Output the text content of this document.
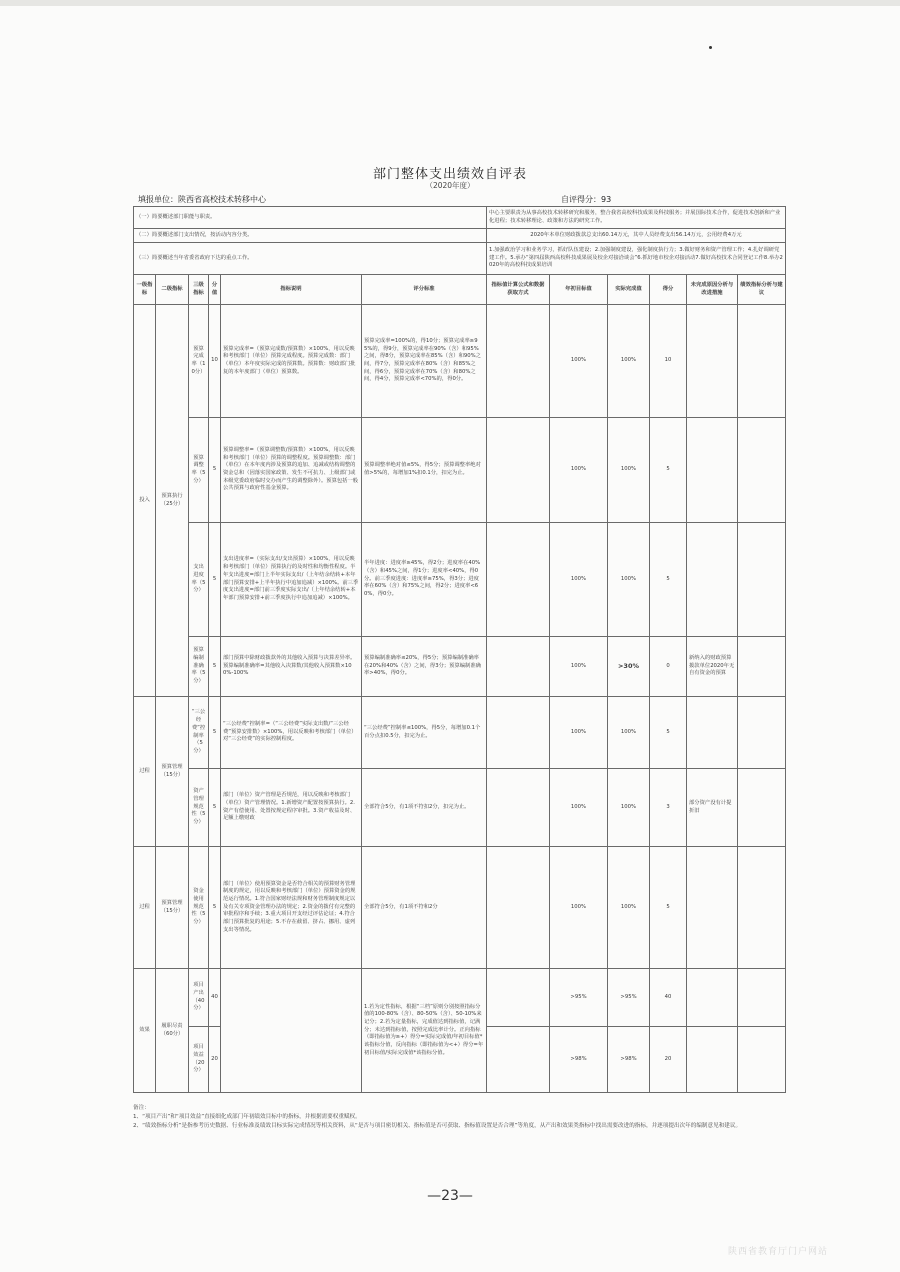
部门整体支出绩效自评表
（2020年度）
填报单位：陕西省高校技术转移中心	自评得分：93
（一）简要概述部门职能与职责。						中心主要职责为从事高校技术转移研究和服务，整合我省高校科技成果及科技服务；并展国际技术合作，促进技术创新和产业化进程；技术转移理论、政策和方法的研究工作。					
（二）简要概述部门支出情况，按活动内容分类。						2020年本单位财政拨款总支出60.14万元，其中人员经费支出56.14万元，公用经费4万元					
（三）简要概述当年省委省政府下达的重点工作。						1.加强政治学习和业务学习，抓好队伍建设；2.加强制度建设，强化制度执行力；3.做好财务和资产管理工作；4.扎好调研党建工作。5.承办“第四届陕西高校科技成果展及校企对接洽谈会”6.抓好地市校企对接活动7.做好高校技术合同登记工作8.举办2020年的高校科技成果培训					
一级指标	二级指标	三级指标	分值	指标说明	评分标准	指标值计算公式和数据获取方式	年初目标值	实际完成值	得分	未完成原因分析与改进措施	绩效指标分析与建议
投入	预算执行（25分）	预算完成率（10分）	10	预算完成率=（预算完成数/预算数）×100%，用以反映和考核部门（单位）预算完成程度。预算完成数：部门（单位）本年度实际完成的预算数。预算数：财政部门批复的本年度部门（单位）预算数。	预算完成率=100%的，得10分；预算完成率≥95%的，得9分，预算完成率在90%（含）和95%之间，得8分，预算完成率在85%（含）和90%之间，得7分，预算完成率在80%（含）和85%之间，得6分，预算完成率在70%（含）和80%之间，得4分，预算完成率<70%的，得0分。		100%	100%	10		
		预算调整率（5分）	5	预算调整率=（预算调整数/预算数）×100%，用以反映和考核部门（单位）预算的调整程度。预算调整数：部门（单位）在本年度内涉及预算的追加、追减或结构调整的资金总和（因落实国家政策、发生不可抗力、上级部门或本级党委政府临时交办而产生的调整除外）。预算包括一般公共预算与政府性基金预算。	预算调整率绝对值≤5%，得5分；预算调整率绝对值>5%的，每增加1%扣0.1分，扣完为止。		100%	100%	5		
		支出进度率（5分）	5	支出进度率=（实际支出/支出预算）×100%，用以反映和考核部门（单位）预算执行的及时性和均衡性程度。半年支出进度=部门上半年实际支出/（上年结余结转+本年部门预算安排+上半年执行中追加追减）×100%。前三季度支出进度=部门前三季度实际支出/（上年结余结转+本年部门预算安排+前三季度执行中追加追减）×100%。	半年进度：进度率≥45%，得2分；进度率在40%（含）和45%之间，得1分；进度率<40%，得0分。前三季度进度：进度率≥75%，得3分；进度率在60%（含）和75%之间，得2分；进度率<60%，得0分。		100%	100%	5		
		预算编制准确率（5分）	5	部门预算中除财政拨款外的其他收入预算与决算差异率。预算编制准确率=其他收入决算数/其他收入预算数×100%-100%	预算编制准确率≤20%，得5分；预算编制准确率在20%和40%（含）之间，得3分；预算编制准确率>40%，得0分。		100%	>30%	0	新纳入的财政预算拨款单位2020年无自有资金的预算	
过程	预算管理（15分）	“三公经费”控制率（5分）	5	“三公经费”控制率=（“三公经费”实际支出数/“三公经费”预算安排数）×100%，用以反映和考核部门（单位）对“三公经费”的实际控制程度。	“三公经费”控制率≤100%，得5分，每增加0.1个百分点扣0.5分，扣完为止。		100%	100%	5		
		资产管理规范性（5分）	5	部门（单位）资产管理是否规范，用以反映和考核部门（单位）资产管理情况。1.新增资产配置按预算执行。2.资产有偿使用、处置按规定程序审批。3.资产收益及时、足额上缴财政	全部符合5分，有1项不符扣2分，扣完为止。		100%	100%	3	部分资产没有计提折旧	
过程	预算管理（15分）	资金使用规范性（5分）	5	部门（单位）使用预算资金是否符合相关的预算财务管理制度的规定，用以反映和考核部门（单位）预算资金的规范运行情况。1.符合国家财经法规和财务管理制度规定以及有关专项资金管理办法的规定；2.资金的拨付有完整的审批程序和手续；3.重大项目开支经过评估论证；4.符合部门预算批复的用途；5.不存在截留、挤占、挪用、虚列支出等情况。	全部符合5分，有1项不符和2分		100%	100%	5		
效果	履职尽责（60分）	项目产出（40分）	40		1.若为定性指标，根据“三档”原则分别按照指标分值的100-80%（含）、80-50%（含）、50-10%来记分；2.若为定量指标，完成值达到指标值，记满分；未达到指标值，按照完成比率计分。正向指标（即指标值为≥+）得分=实际完成值/年初目标值*该指标分值，反向指标（即指标值为<+）得分=年初目标值/实际完成值*该指标分值。		>95%	>95%	40		
		项目效益（20分）	20				>98%	>98%	20		
备注：
1、“项目产出”和“项目效益”直接细化成部门年初绩效目标中的指标，并根据需要权重赋权。
2、“绩效指标分析”是指参考历史数据、行业标准及绩效目标实际完成情况等相关资料，从“是否与项目密切相关、指标值是否可获取、指标值设置是否合理”等角度，从产出和效果类指标中找出需要改进的指标，并逐项提出次年的编制意见和建议。
—23—
陕西省教育厅门户网站
